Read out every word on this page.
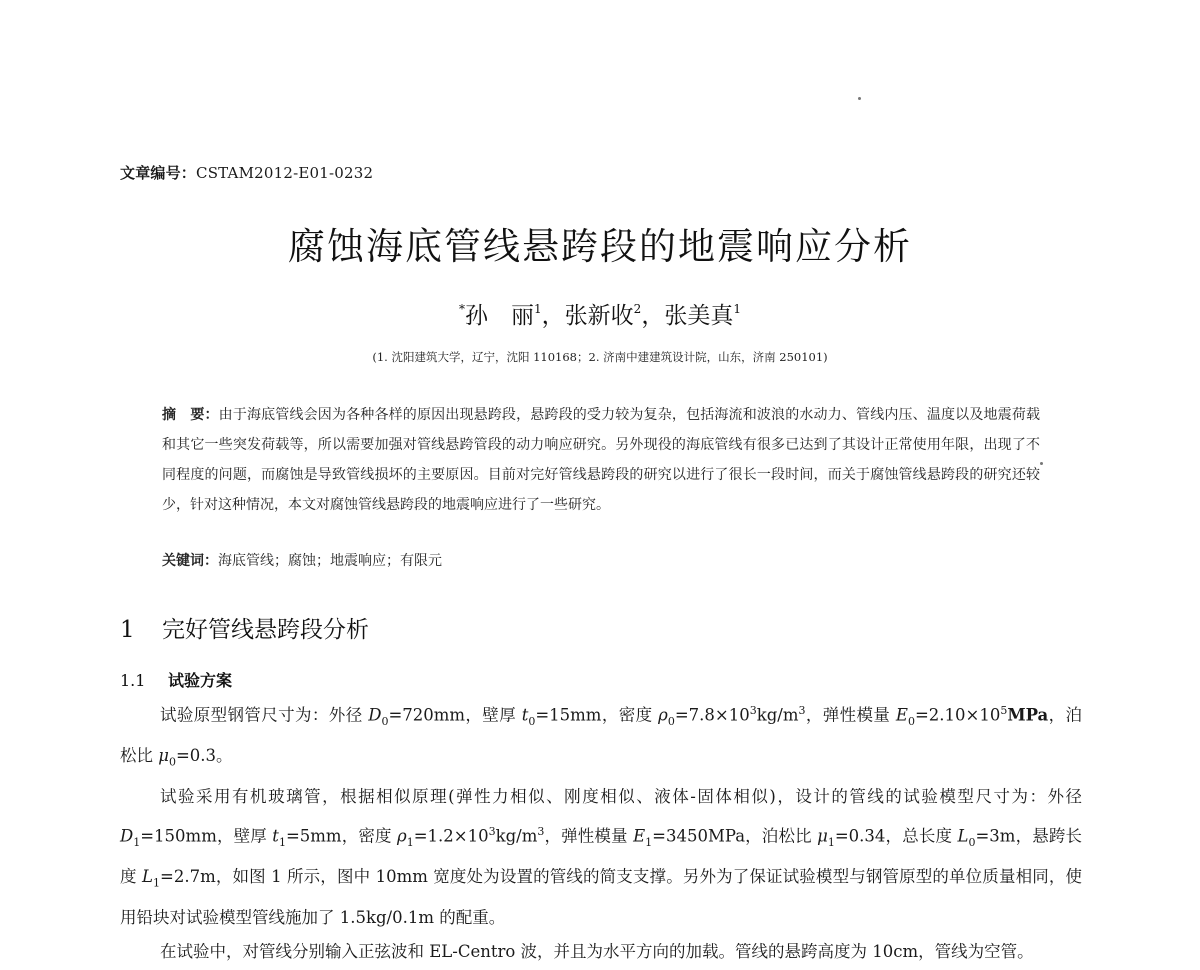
文章编号：CSTAM2012-E01-0232
腐蚀海底管线悬跨段的地震响应分析
*孙　丽$^1$，张新收$^2$，张美真$^1$
(1. 沈阳建筑大学，辽宁，沈阳 110168；2. 济南中建建筑设计院，山东，济南 250101)
摘　要：由于海底管线会因为各种各样的原因出现悬跨段，悬跨段的受力较为复杂，包括海流和波浪的水动力、管线内压、温度以及地震荷载和其它一些突发荷载等，所以需要加强对管线悬跨管段的动力响应研究。另外现役的海底管线有很多已达到了其设计正常使用年限，出现了不同程度的问题，而腐蚀是导致管线损坏的主要原因。目前对完好管线悬跨段的研究以进行了很长一段时间，而关于腐蚀管线悬跨段的研究还较少，针对这种情况，本文对腐蚀管线悬跨段的地震响应进行了一些研究。
关键词：海底管线；腐蚀；地震响应；有限元
1 完好管线悬跨段分析
1.1 试验方案

试验原型钢管尺寸为：外径 $D_0=720mm$，壁厚 $t_0=15mm$，密度 $\rho_0=7.8\times 10^3kg/m^3$，弹性模量 $E_0=2.10\times 10^5MPa$，泊松比 $\mu_0=0.3$。

试验采用有机玻璃管，根据相似原理(弹性力相似、刚度相似、液体-固体相似)，设计的管线的试验模型尺寸为：外径 $D_1=150mm$，壁厚 $t_1=5mm$，密度 $\rho_1=1.2\times 10^3kg/m^3$，弹性模量 $E_1=3450MPa$，泊松比 $\mu_1=0.34$，总长度 $L_0=3m$，悬跨长度 $L_1=2.7m$，如图 1 所示，图中 10mm 宽度处为设置的管线的简支支撑。另外为了保证试验模型与钢管原型的单位质量相同，使用铅块对试验模型管线施加了 1.5kg/0.1m 的配重。

在试验中，对管线分别输入正弦波和 EL-Centro 波，并且为水平方向的加载。管线的悬跨高度为 10cm，管线为空管。
